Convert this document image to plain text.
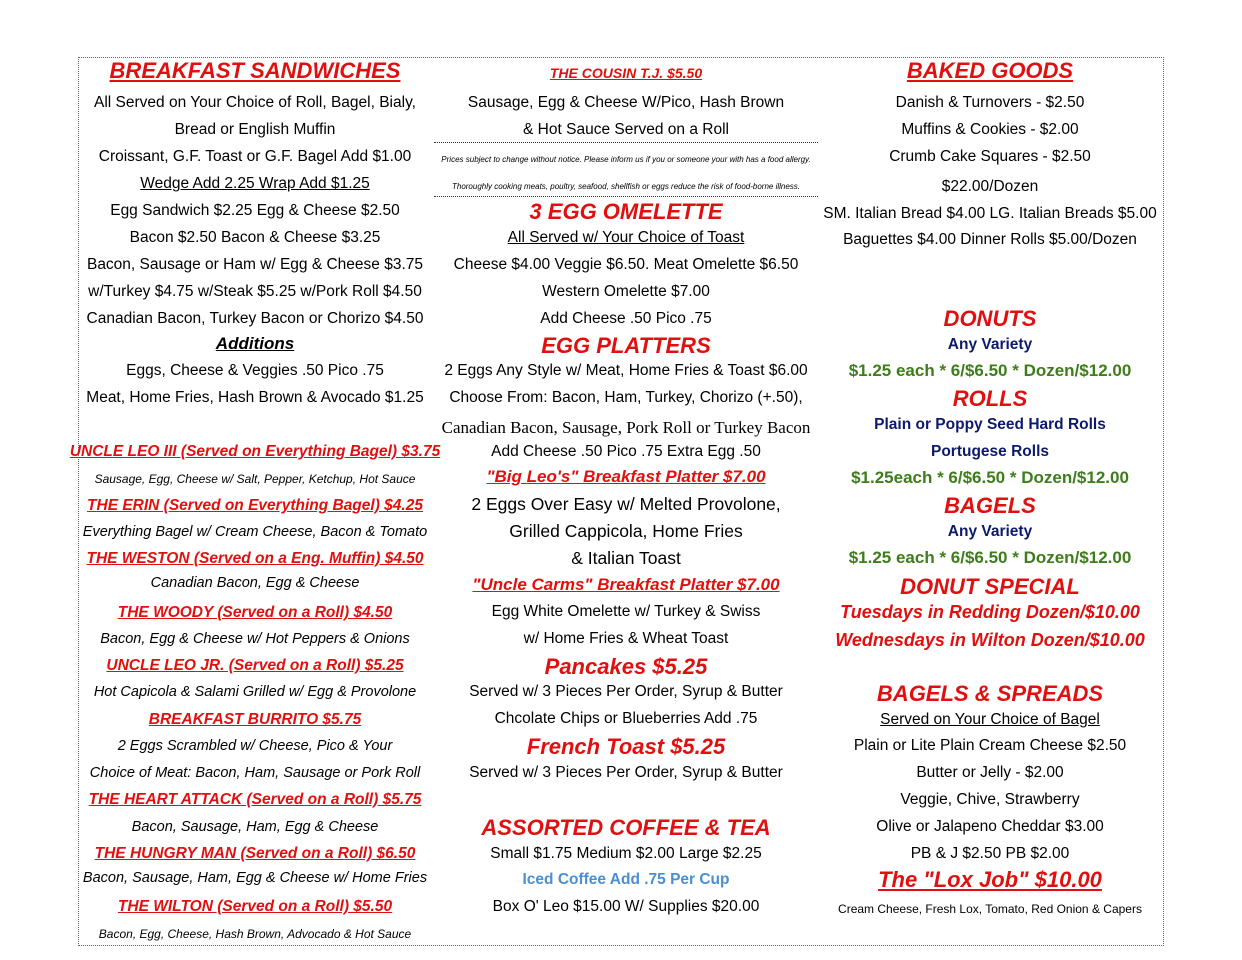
BREAKFAST SANDWICHES
All Served on Your Choice of Roll, Bagel, Bialy,
Bread or English Muffin
Croissant, G.F. Toast or G.F. Bagel Add $1.00
Wedge Add 2.25 Wrap Add $1.25
Egg Sandwich $2.25 Egg & Cheese $2.50
Bacon $2.50 Bacon & Cheese $3.25
Bacon, Sausage or Ham w/ Egg & Cheese $3.75
w/Turkey $4.75 w/Steak $5.25 w/Pork Roll $4.50
Canadian Bacon, Turkey Bacon or Chorizo $4.50
Additions
Eggs, Cheese & Veggies .50 Pico .75
Meat, Home Fries, Hash Brown & Avocado $1.25
UNCLE LEO III (Served on Everything Bagel) $3.75
Sausage, Egg, Cheese w/ Salt, Pepper, Ketchup, Hot Sauce
THE ERIN (Served on Everything Bagel) $4.25
Everything Bagel w/ Cream Cheese, Bacon & Tomato
THE WESTON (Served on a Eng. Muffin) $4.50
Canadian Bacon, Egg & Cheese
THE WOODY (Served on a Roll) $4.50
Bacon, Egg & Cheese w/ Hot Peppers & Onions
UNCLE LEO JR. (Served on a Roll) $5.25
Hot Capicola & Salami Grilled w/ Egg & Provolone
BREAKFAST BURRITO $5.75
2 Eggs Scrambled w/ Cheese, Pico & Your
Choice of Meat: Bacon, Ham, Sausage or Pork Roll
THE HEART ATTACK (Served on a Roll) $5.75
Bacon, Sausage, Ham, Egg & Cheese
THE HUNGRY MAN (Served on a Roll) $6.50
Bacon, Sausage, Ham, Egg & Cheese w/ Home Fries
THE WILTON (Served on a Roll) $5.50
Bacon, Egg, Cheese, Hash Brown, Advocado & Hot Sauce
THE COUSIN T.J. $5.50
Sausage, Egg & Cheese W/Pico, Hash Brown
& Hot Sauce Served on a Roll
Prices subject to change without notice. Please inform us if you or someone your with has a food allergy.
Thoroughly cooking meats, poultry, seafood, shellfish or eggs reduce the risk of food-borne illness.
3 EGG OMELETTE
All Served w/ Your Choice of Toast
Cheese $4.00 Veggie $6.50. Meat Omelette $6.50
Western Omelette $7.00
Add Cheese .50 Pico .75
EGG PLATTERS
2 Eggs Any Style w/ Meat, Home Fries & Toast $6.00
Choose From: Bacon, Ham, Turkey, Chorizo (+.50),
Canadian Bacon, Sausage, Pork Roll or Turkey Bacon
Add Cheese .50 Pico .75 Extra Egg .50
"Big Leo's" Breakfast Platter $7.00
2 Eggs Over Easy w/ Melted Provolone,
Grilled Cappicola, Home Fries
& Italian Toast
"Uncle Carms" Breakfast Platter $7.00
Egg White Omelette w/ Turkey & Swiss
w/ Home Fries & Wheat Toast
Pancakes $5.25
Served w/ 3 Pieces Per Order, Syrup & Butter
Chcolate Chips or Blueberries Add .75
French Toast $5.25
Served w/ 3 Pieces Per Order, Syrup & Butter
ASSORTED COFFEE & TEA
Small $1.75 Medium $2.00 Large $2.25
Iced Coffee Add .75 Per Cup
Box O' Leo $15.00 W/ Supplies $20.00
BAKED GOODS
Danish & Turnovers - $2.50
Muffins & Cookies - $2.00
Crumb Cake Squares - $2.50
$22.00/Dozen
SM. Italian Bread $4.00 LG. Italian Breads $5.00
Baguettes $4.00 Dinner Rolls $5.00/Dozen
DONUTS
Any Variety
$1.25 each * 6/$6.50 * Dozen/$12.00
ROLLS
Plain or Poppy Seed Hard Rolls
Portugese Rolls
$1.25each * 6/$6.50 * Dozen/$12.00
BAGELS
Any Variety
$1.25 each * 6/$6.50 * Dozen/$12.00
DONUT SPECIAL
Tuesdays in Redding Dozen/$10.00
Wednesdays in Wilton Dozen/$10.00
BAGELS & SPREADS
Served on Your Choice of Bagel
Plain or Lite Plain Cream Cheese $2.50
Butter or Jelly - $2.00
Veggie, Chive, Strawberry
Olive or Jalapeno Cheddar $3.00
PB & J $2.50 PB $2.00
The "Lox Job" $10.00
Cream Cheese, Fresh Lox, Tomato, Red Onion & Capers
